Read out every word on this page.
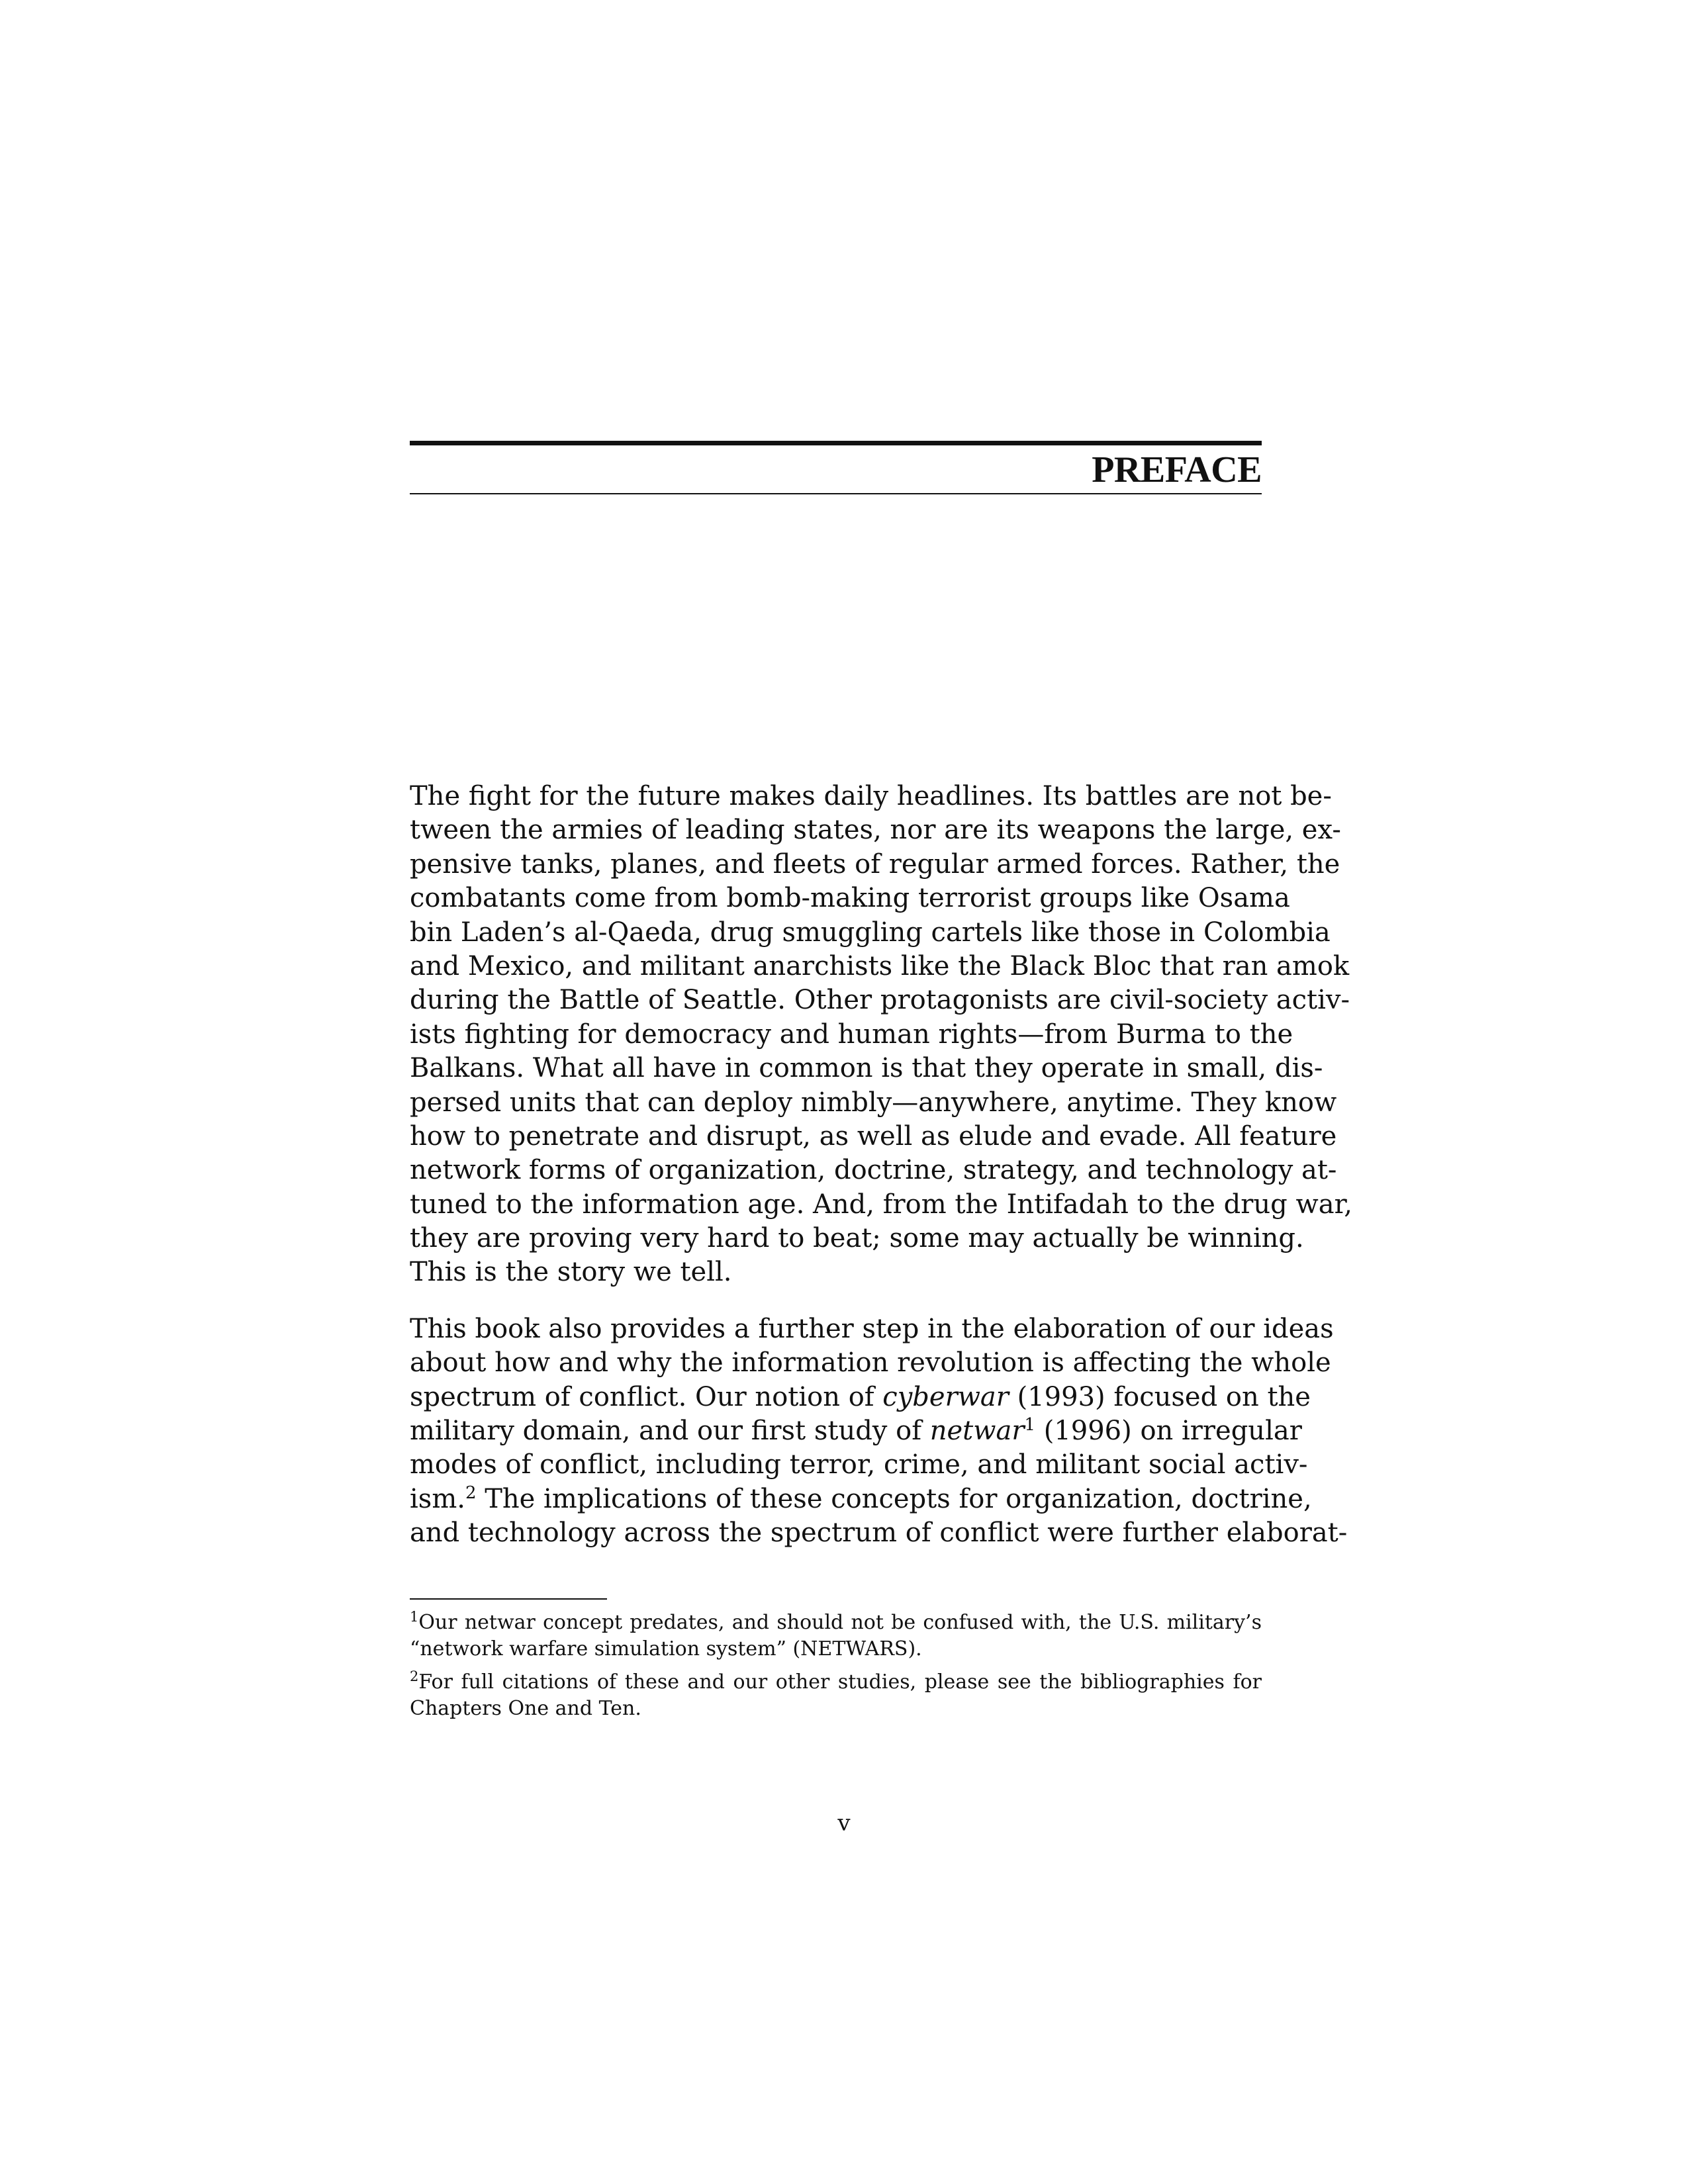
PREFACE
The fight for the future makes daily headlines. Its battles are not be-
tween the armies of leading states, nor are its weapons the large, ex-
pensive tanks, planes, and fleets of regular armed forces. Rather, the
combatants come from bomb-making terrorist groups like Osama
bin Laden’s al-Qaeda, drug smuggling cartels like those in Colombia
and Mexico, and militant anarchists like the Black Bloc that ran amok
during the Battle of Seattle. Other protagonists are civil-society activ-
ists fighting for democracy and human rights—from Burma to the
Balkans. What all have in common is that they operate in small, dis-
persed units that can deploy nimbly—anywhere, anytime. They know
how to penetrate and disrupt, as well as elude and evade. All feature
network forms of organization, doctrine, strategy, and technology at-
tuned to the information age. And, from the Intifadah to the drug war,
they are proving very hard to beat; some may actually be winning.
This is the story we tell.
This book also provides a further step in the elaboration of our ideas
about how and why the information revolution is affecting the whole
spectrum of conflict. Our notion of cyberwar (1993) focused on the
military domain, and our first study of netwar$^1$ (1996) on irregular
modes of conflict, including terror, crime, and militant social activ-
ism.$^2$ The implications of these concepts for organization, doctrine,
and technology across the spectrum of conflict were further elaborat-
$^1$Our netwar concept predates, and should not be confused with, the U.S. military’s
“network warfare simulation system” (NETWARS).
$^2$For full citations of these and our other studies, please see the bibliographies for
Chapters One and Ten.
v
